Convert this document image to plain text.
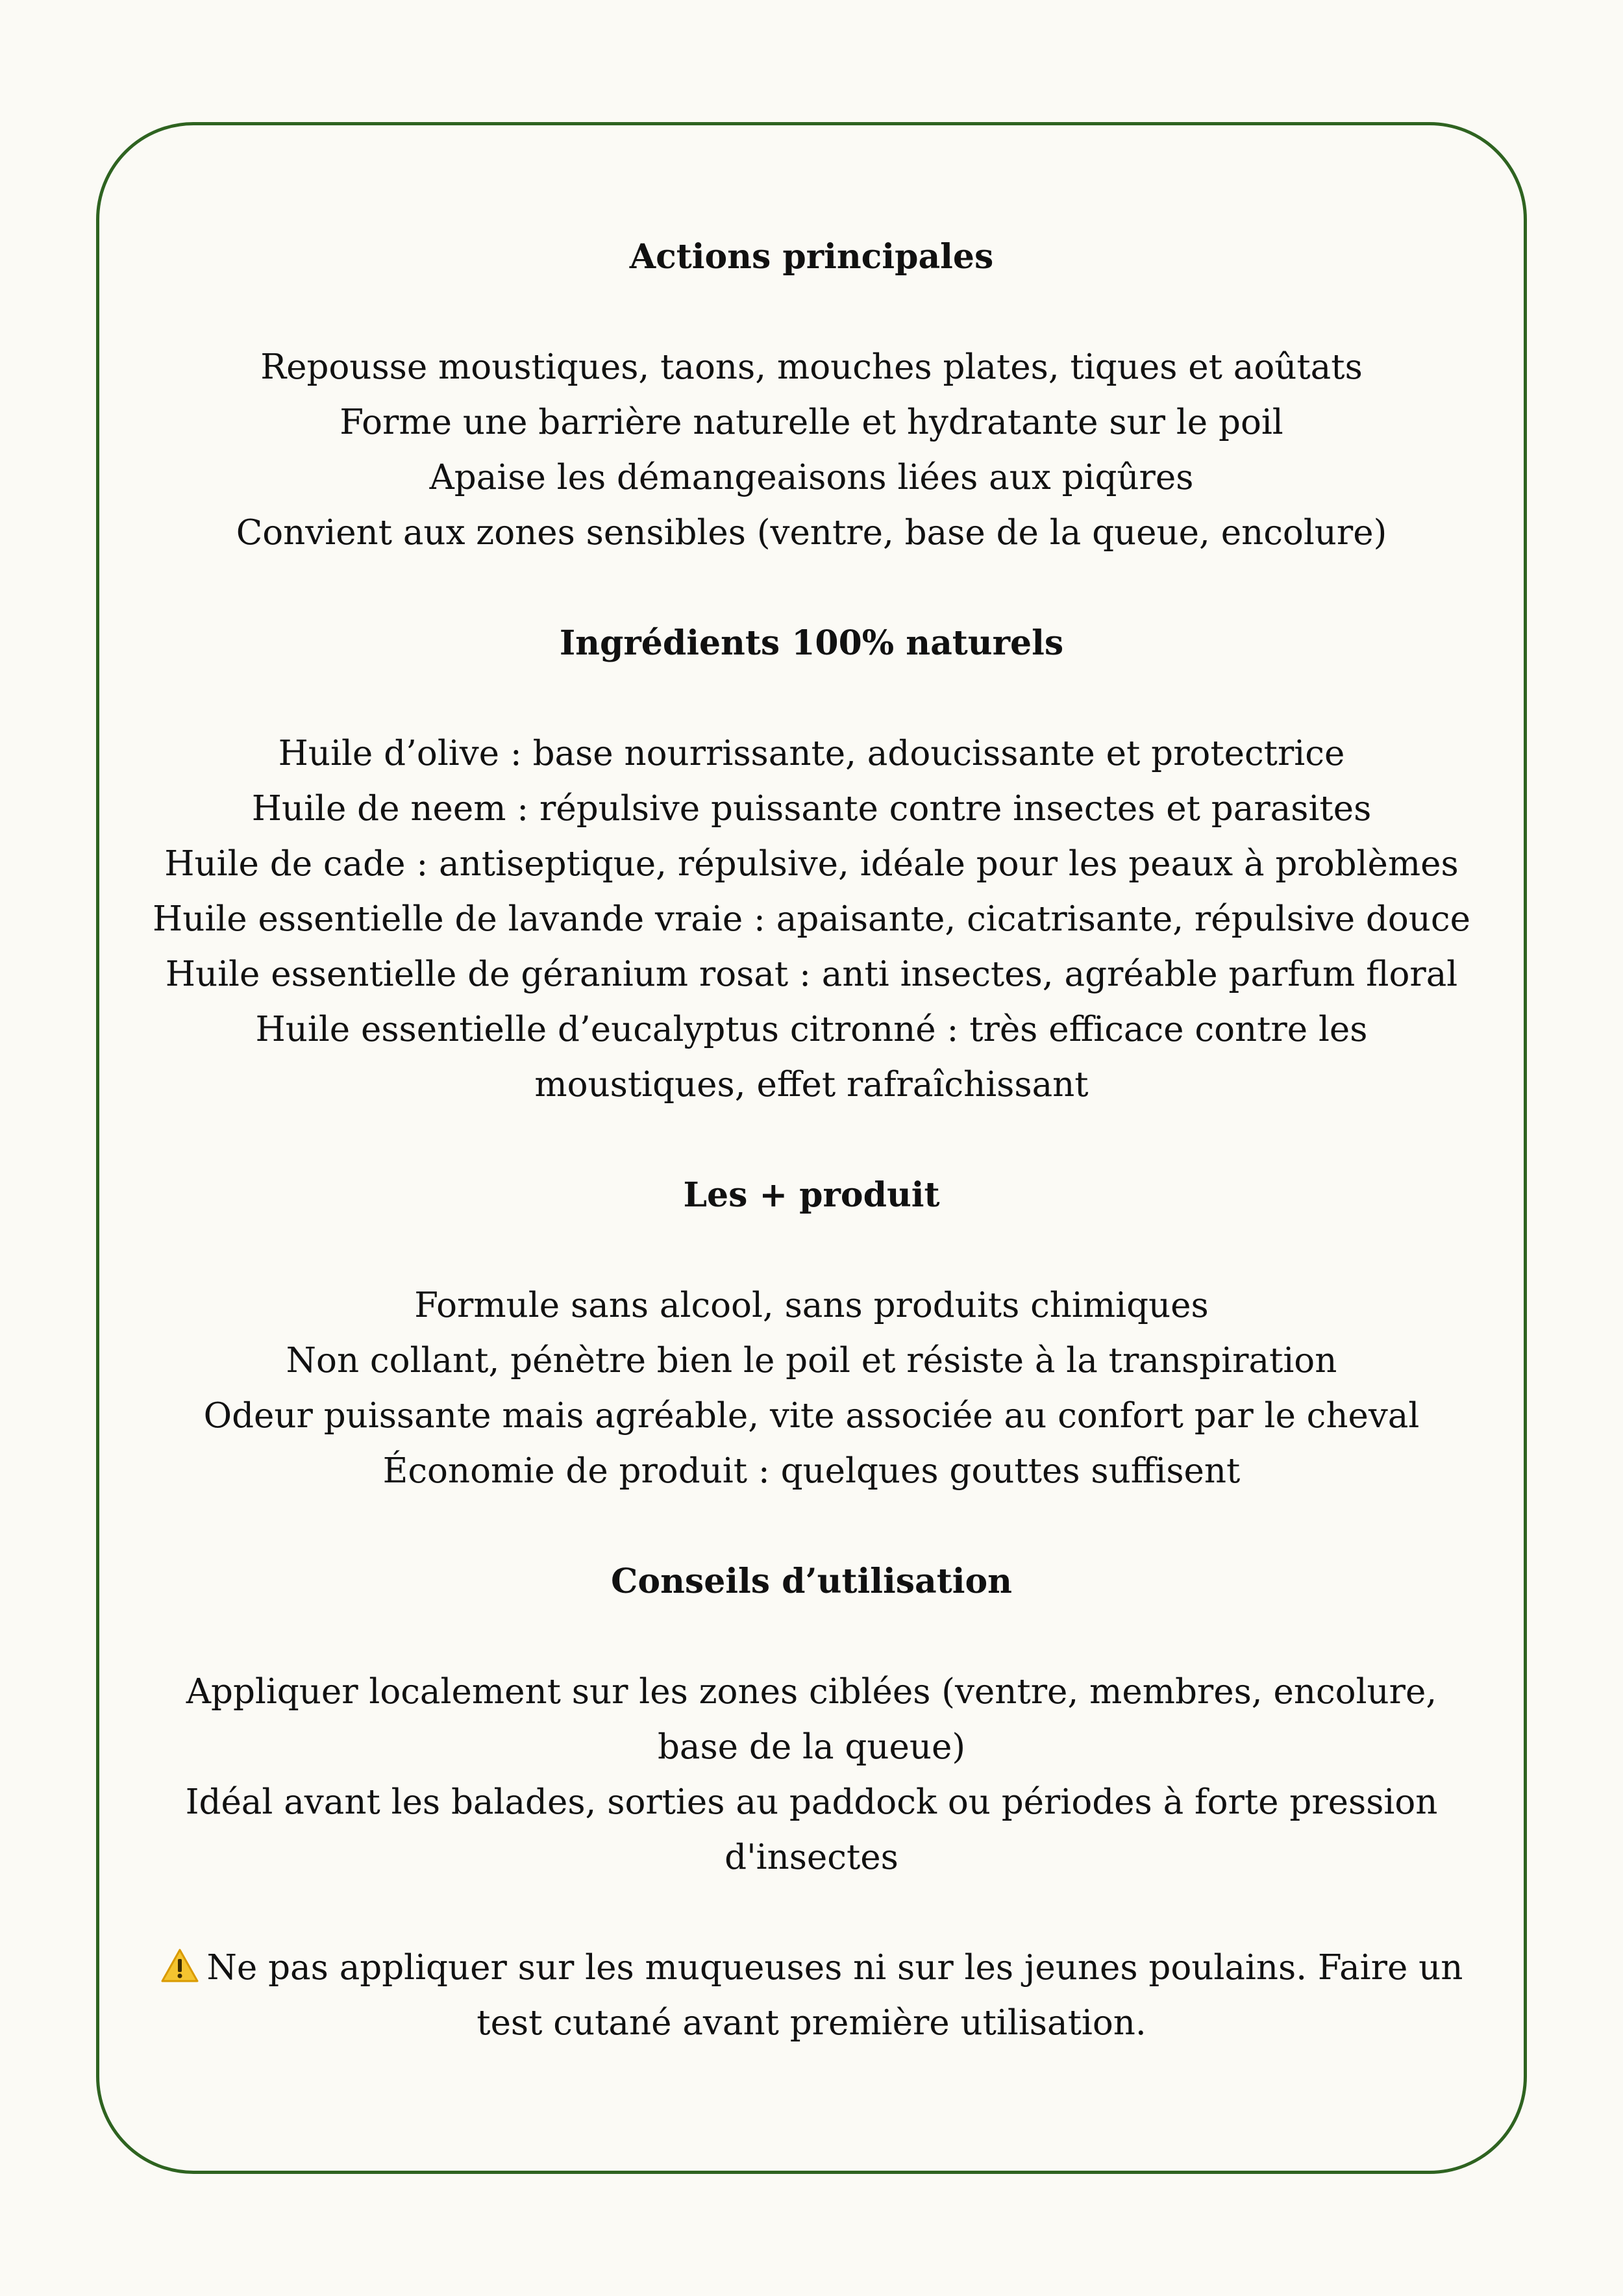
Actions principales
Repousse moustiques, taons, mouches plates, tiques et aoûtats
Forme une barrière naturelle et hydratante sur le poil
Apaise les démangeaisons liées aux piqûres
Convient aux zones sensibles (ventre, base de la queue, encolure)
Ingrédients 100% naturels
Huile d’olive : base nourrissante, adoucissante et protectrice
Huile de neem : répulsive puissante contre insectes et parasites
Huile de cade : antiseptique, répulsive, idéale pour les peaux à problèmes
Huile essentielle de lavande vraie : apaisante, cicatrisante, répulsive douce
Huile essentielle de géranium rosat : anti insectes, agréable parfum floral
Huile essentielle d’eucalyptus citronné : très efficace contre les
moustiques, effet rafraîchissant
Les + produit
Formule sans alcool, sans produits chimiques
Non collant, pénètre bien le poil et résiste à la transpiration
Odeur puissante mais agréable, vite associée au confort par le cheval
Économie de produit : quelques gouttes suffisent
Conseils d’utilisation
Appliquer localement sur les zones ciblées (ventre, membres, encolure,
base de la queue)
Idéal avant les balades, sorties au paddock ou périodes à forte pression
d'insectes
Ne pas appliquer sur les muqueuses ni sur les jeunes poulains. Faire un
test cutané avant première utilisation.
